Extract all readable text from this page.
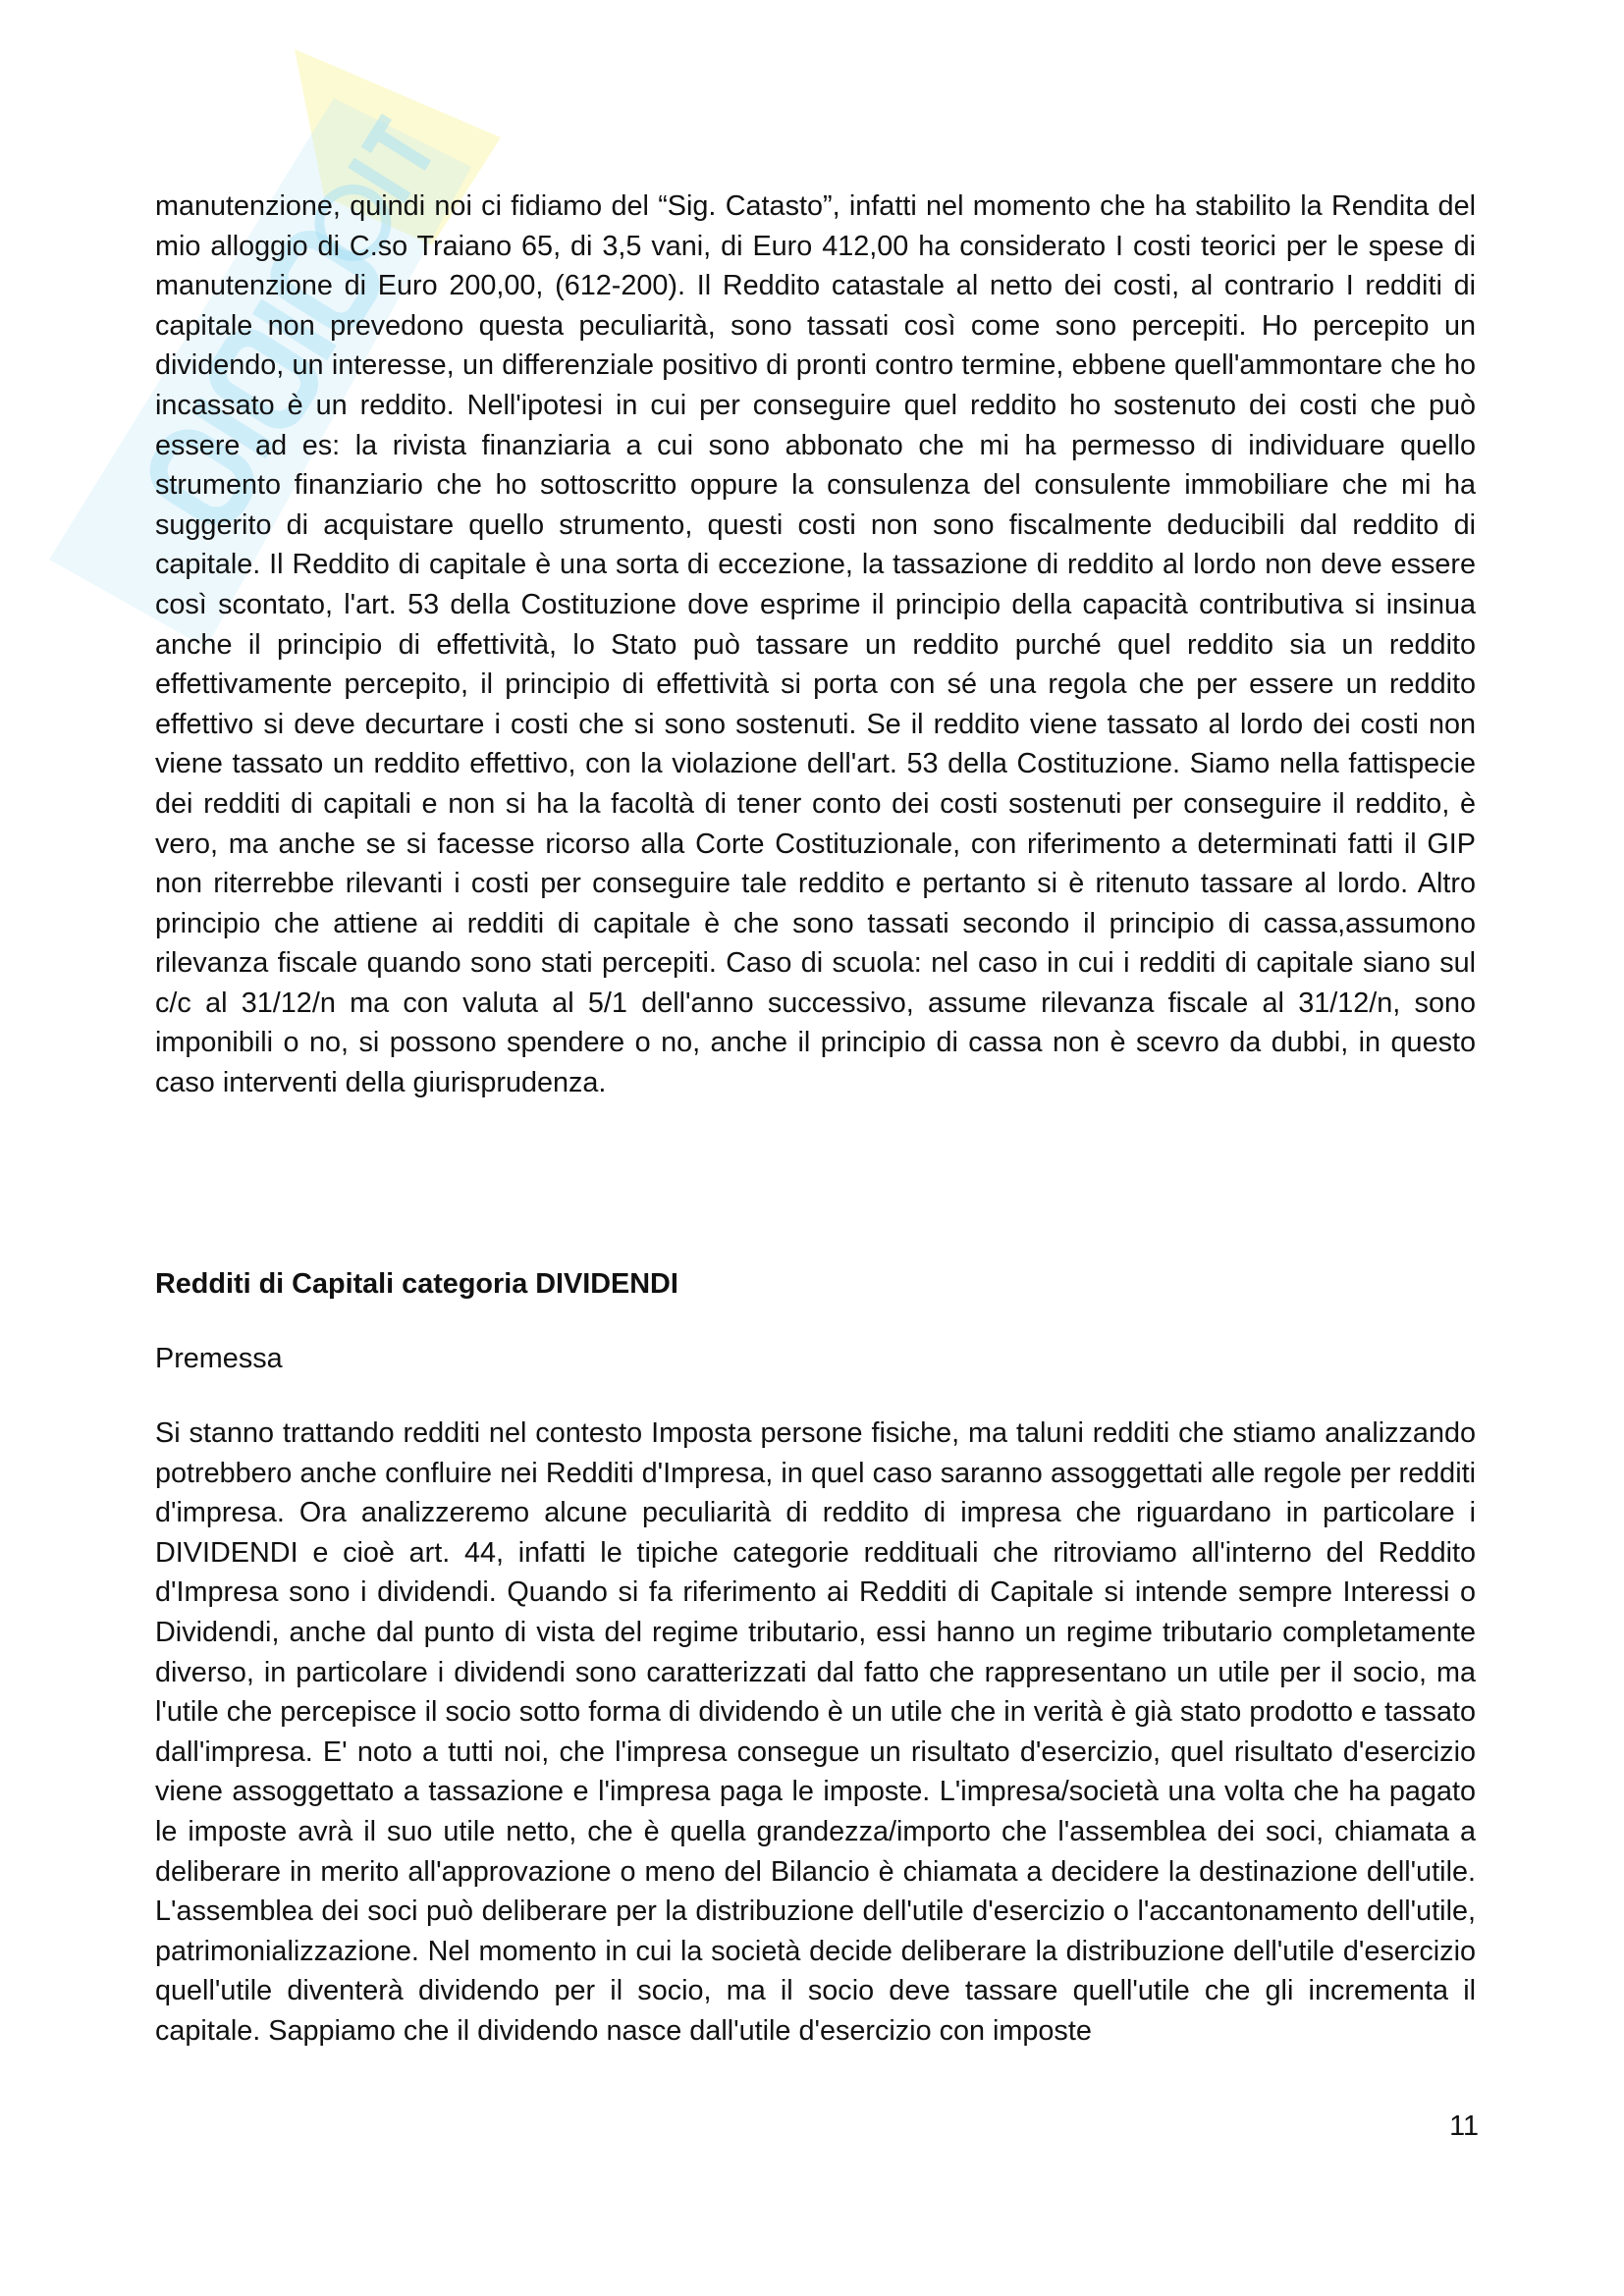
manutenzione, quindi noi ci fidiamo del “Sig. Catasto”, infatti nel momento che ha stabilito la Rendita del mio alloggio di C.so Traiano 65, di 3,5 vani, di Euro 412,00 ha considerato I costi teorici per le spese di manutenzione di Euro 200,00, (612-200). Il Reddito catastale al netto dei costi, al contrario I redditi di capitale non prevedono questa peculiarità, sono tassati così come sono percepiti. Ho percepito un dividendo, un interesse, un differenziale positivo di pronti contro termine, ebbene quell'ammontare che ho incassato è un reddito. Nell'ipotesi in cui per conseguire quel reddito ho sostenuto dei costi che può essere ad es: la rivista finanziaria a cui sono abbonato che mi ha permesso di individuare quello strumento finanziario che ho sottoscritto oppure la consulenza del consulente immobiliare che mi ha suggerito di acquistare quello strumento, questi costi non sono fiscalmente deducibili dal reddito di capitale. Il Reddito di capitale è una sorta di eccezione, la tassazione di reddito al lordo non deve essere così scontato, l'art. 53 della Costituzione dove esprime il principio della capacità contributiva si insinua anche il principio di effettività, lo Stato può tassare un reddito purché quel reddito sia un reddito effettivamente percepito, il principio di effettività si porta con sé una regola che per essere un reddito effettivo si deve decurtare i costi che si sono sostenuti. Se il reddito viene tassato al lordo dei costi non viene tassato un reddito effettivo, con la violazione dell'art. 53 della Costituzione. Siamo nella fattispecie dei redditi di capitali e non si ha la facoltà di tener conto dei costi sostenuti per conseguire il reddito, è vero, ma anche se si facesse ricorso alla Corte Costituzionale, con riferimento a determinati fatti il GIP non riterrebbe rilevanti i costi per conseguire tale reddito e pertanto si è ritenuto tassare al lordo. Altro principio che attiene ai redditi di capitale è che sono tassati secondo il principio di cassa,assumono rilevanza fiscale quando sono stati percepiti. Caso di scuola: nel caso in cui i redditi di capitale siano sul c/c al 31/12/n ma con valuta al 5/1 dell'anno successivo, assume rilevanza fiscale al 31/12/n, sono imponibili o no, si possono spendere o no, anche il principio di cassa non è scevro da dubbi, in questo caso interventi della giurisprudenza.

Redditi di Capitali categoria DIVIDENDI

Premessa

Si stanno trattando redditi nel contesto Imposta persone fisiche, ma taluni redditi che stiamo analizzando potrebbero anche confluire nei Redditi d'Impresa, in quel caso saranno assoggettati alle regole per redditi d'impresa. Ora analizzeremo alcune peculiarità di reddito di impresa che riguardano in particolare i DIVIDENDI e cioè art. 44, infatti le tipiche categorie reddituali che ritroviamo all'interno del Reddito d'Impresa sono i dividendi. Quando si fa riferimento ai Redditi di Capitale si intende sempre Interessi o Dividendi, anche dal punto di vista del regime tributario, essi hanno un regime tributario completamente diverso, in particolare i dividendi sono caratterizzati dal fatto che rappresentano un utile per il socio, ma l'utile che percepisce il socio sotto forma di dividendo è un utile che in verità è già stato prodotto e tassato dall'impresa. E' noto a tutti noi, che l'impresa consegue un risultato d'esercizio, quel risultato d'esercizio viene assoggettato a tassazione e l'impresa paga le imposte. L'impresa/società una volta che ha pagato le imposte avrà il suo utile netto, che è quella grandezza/importo che l'assemblea dei soci, chiamata a deliberare in merito all'approvazione o meno del Bilancio è chiamata a decidere la destinazione dell'utile. L'assemblea dei soci può deliberare per la distribuzione dell'utile d'esercizio o l'accantonamento dell'utile, patrimonializzazione. Nel momento in cui la società decide deliberare la distribuzione dell'utile d'esercizio quell'utile diventerà dividendo per il socio, ma il socio deve tassare quell'utile che gli incrementa il capitale. Sappiamo che il dividendo nasce dall'utile d'esercizio con imposte

11
